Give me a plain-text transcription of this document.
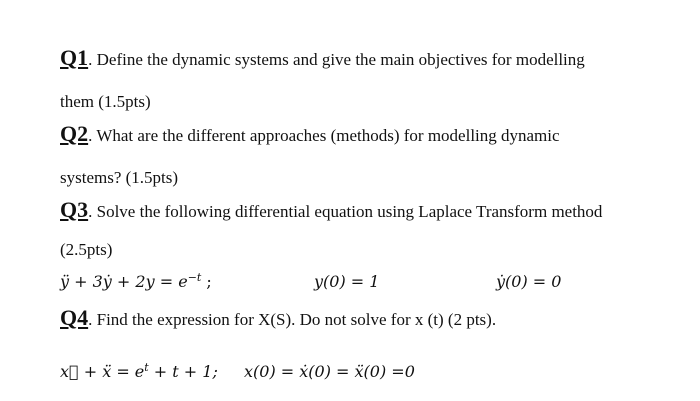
Q1. Define the dynamic systems and give the main objectives for modelling
them (1.5pts)
Q2. What are the different approaches (methods) for modelling dynamic
systems? (1.5pts)
Q3. Solve the following differential equation using Laplace Transform method
(2.5pts)
ÿ + 3ẏ + $2y = e^{-t}$ ;	y(0) = 1	ẏ(0) = 0
Q4. Find the expression for X(S). Do not solve for x (t) (2 pts).
x⃛ + ẍ = $e^t + t + 1$; x(0) = ẋ(0) = ẍ(0) =0
